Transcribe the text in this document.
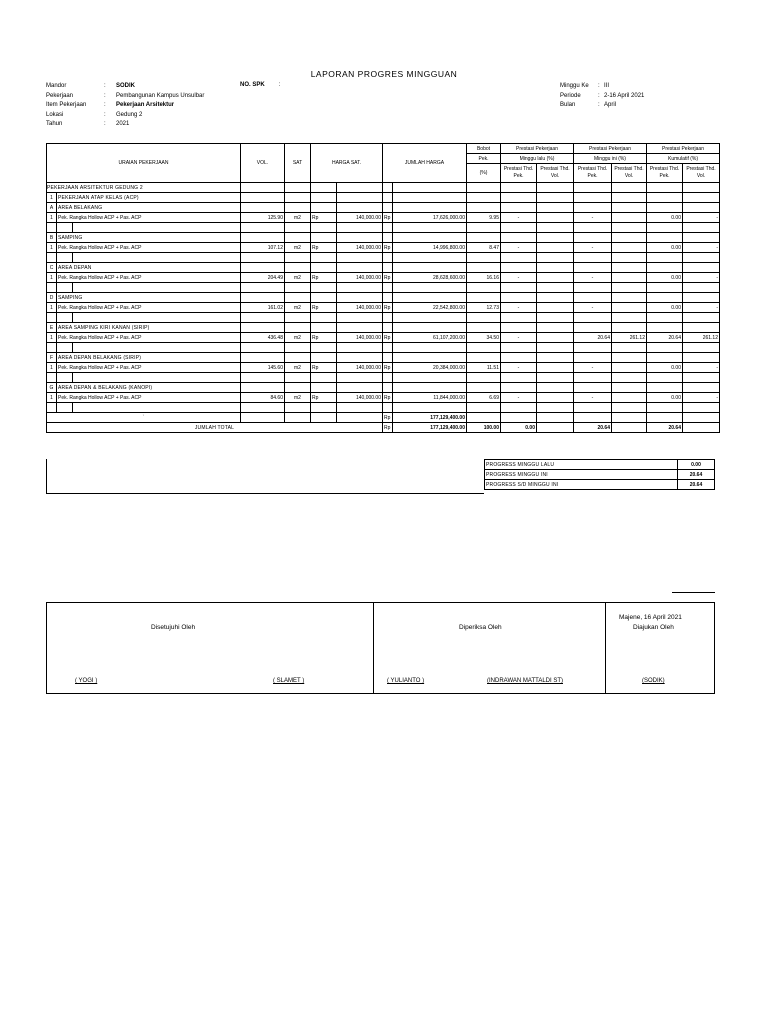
LAPORAN PROGRES MINGGUAN
Mandor	:	SODIK
Pekerjaan	:	Pembangunan Kampus Unsulbar
Item Pekerjaan	:	Pekerjaan Arsitektur
Lokasi	:	Gedung 2
Tahun	:	2021
NO. SPK :	Minggu Ke	: III
Periode	: 2-16 April 2021
Bulan	: April
URAIAN PEKERJAAN			VOL.	SAT	HARGA SAT.		JUMLAH HARGA		Bobot	Prestasi Pekerjaan		Prestasi Pekerjaan		Prestasi Pekerjaan	
									Pek.	Minggu lalu (%)		Minggu ini (%)		Kumulatif (%)	
									(%)	Prestasi Thd. Pek.	Prestasi Thd. Vol.	Prestasi Thd. Pek.	Prestasi Thd. Vol.	Prestasi Thd. Pek.	Prestasi Thd. Vol.
PEKERJAAN ARSITEKTUR GEDUNG 2															
1	PEKERJAAN ATAP KELAS (ACP)														
A	AREA BELAKANG														
1	Pek. Rangka Hollow ACP + Pas. ACP		125.90	m2	Rp	140,000.00	Rp	17,626,000.00	9.95	-		-		0.00	-

B	SAMPING														
1	Pek. Rangka Hollow ACP + Pas. ACP		107.12	m2	Rp	140,000.00	Rp	14,996,800.00	8.47	-		-		0.00	-

C	AREA DEPAN														
1	Pek. Rangka Hollow ACP + Pas. ACP		204.49	m2	Rp	140,000.00	Rp	28,628,600.00	16.16	-		-		0.00	-

D	SAMPING														
1	Pek. Rangka Hollow ACP + Pas. ACP		161.02	m2	Rp	140,000.00	Rp	22,542,800.00	12.73	-		-		0.00	-

E	AREA SAMPING KIRI KANAN (SIRIP)														
1	Pek. Rangka Hollow ACP + Pas. ACP		436.48	m2	Rp	140,000.00	Rp	61,107,200.00	34.50	-		20.64	261.12	20.64	261.12

F	AREA DEPAN BELAKANG (SIRIP)														
1	Pek. Rangka Hollow ACP + Pas. ACP		145.60	m2	Rp	140,000.00	Rp	20,384,000.00	11.51	-		-		0.00	-

G	AREA DEPAN & BELAKANG (KANOPI)														
1	Pek. Rangka Hollow ACP + Pas. ACP		84.60	m2	Rp	140,000.00	Rp	11,844,000.00	6.69	-		-		0.00	-

`							Rp	177,129,400.00							
JUMLAH TOTAL							Rp	177,129,400.00	100.00	0.00		20.64		20.64	
PROGRESS MINGGU LALU	0.00
PROGRESS MINGGU INI	20.64
PROGRESS S/D MINGGU INI	20.64
Disetujuhi Oleh	Diperiksa Oleh
Majene, 16 April 2021
Diajukan Oleh
( YOGI )	( SLAMET )	( YULIANTO )	(INDRAWAN MATTALDI ST)	(SODIK)
